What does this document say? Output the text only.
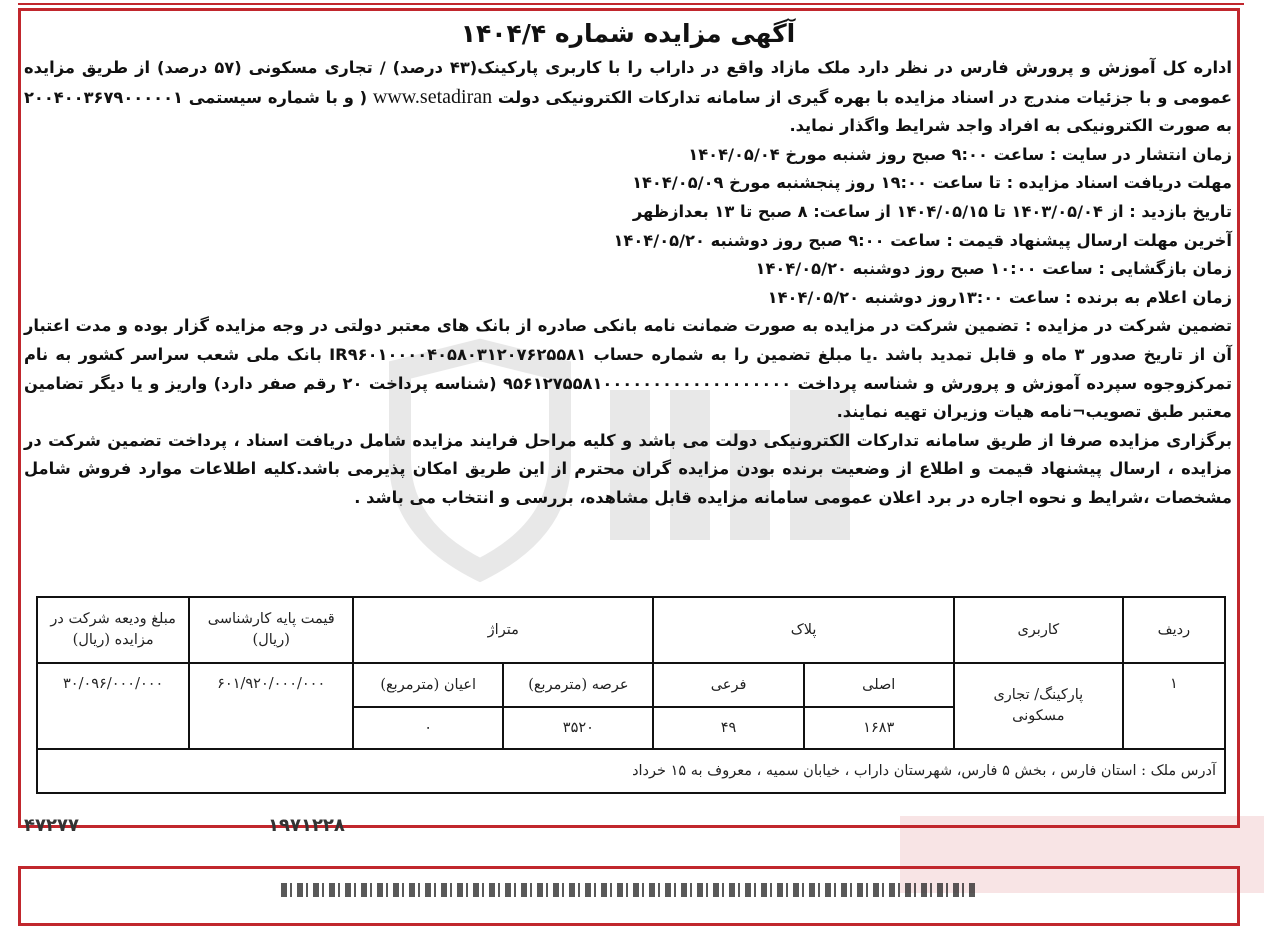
آگهی مزایده شماره ۱۴۰۴/۴

اداره کل آموزش و پرورش فارس در نظر دارد ملک مازاد واقع در داراب را با کاربری پارکینک(۴۳ درصد) / تجاری مسکونی (۵۷ درصد) از طریق مزایده عمومی و با جزئیات مندرج در اسناد مزایده با بهره گیری از سامانه تدارکات الکترونیکی دولت www.setadiran ( و با شماره سیستمی ۲۰۰۴۰۰۳۶۷۹۰۰۰۰۰۱ به صورت الکترونیکی به افراد واجد شرایط واگذار نماید.

زمان انتشار در سایت : ساعت ۹:۰۰ صبح روز شنبه مورخ ۱۴۰۴/۰۵/۰۴

مهلت دریافت اسناد مزایده : تا ساعت ۱۹:۰۰ روز پنجشنبه مورخ ۱۴۰۴/۰۵/۰۹

تاریخ بازدید : از ۱۴۰۳/۰۵/۰۴ تا ۱۴۰۴/۰۵/۱۵ از ساعت: ۸ صبح تا ۱۳ بعدازظهر

آخرین مهلت ارسال پیشنهاد قیمت : ساعت ۹:۰۰ صبح روز دوشنبه ۱۴۰۴/۰۵/۲۰

زمان بازگشایی : ساعت ۱۰:۰۰ صبح روز دوشنبه ۱۴۰۴/۰۵/۲۰

زمان اعلام به برنده : ساعت ۱۳:۰۰روز دوشنبه ۱۴۰۴/۰۵/۲۰

تضمین شرکت در مزایده : تضمین شرکت در مزایده به صورت ضمانت نامه بانکی صادره از بانک های معتبر دولتی در وجه مزایده گزار بوده و مدت اعتبار آن از تاریخ صدور ۳ ماه و قابل تمدید باشد .یا مبلغ تضمین را به شماره حساب IR۹۶۰۱۰۰۰۰۴۰۵۸۰۳۱۲۰۷۶۲۵۵۸۱ بانک ملی شعب سراسر کشور به نام تمرکزوجوه سپرده آموزش و پرورش و شناسه پرداخت ۹۵۶۱۲۷۵۵۸۱۰۰۰۰۰۰۰۰۰۰۰۰۰۰۰۰۰۰۰ (شناسه پرداخت ۲۰ رقم صفر دارد) واریز و یا دیگر تضامین معتبر طبق تصویب¬نامه هیات وزیران تهیه نمایند.

برگزاری مزایده صرفا از طریق سامانه تدارکات الکترونیکی دولت می باشد و کلیه مراحل فرایند مزایده شامل دریافت اسناد ، پرداخت تضمین شرکت در مزایده ، ارسال پیشنهاد قیمت و اطلاع از وضعیت برنده بودن مزایده گران محترم از این طریق امکان پذیرمی باشد.کلیه اطلاعات موارد فروش شامل مشخصات ،شرایط و نحوه اجاره در برد اعلان عمومی سامانه مزایده قابل مشاهده، بررسی و انتخاب می باشد .

ردیف	کاربری	پلاک		متراژ		قیمت پایه کارشناسی (ریال)	مبلغ ودیعه شرکت در مزایده (ریال)
۱	پارکینگ/ تجاری مسکونی	اصلی	فرعی	عرصه (مترمربع)	اعیان (مترمربع)	۶۰۱/۹۲۰/۰۰۰/۰۰۰	۳۰/۰۹۶/۰۰۰/۰۰۰
		۱۶۸۳	۴۹	۳۵۲۰	۰		
آدرس ملک : استان فارس ، بخش ۵ فارس، شهرستان داراب ، خیابان سمیه ، معروف به ۱۵ خرداد							
۴۷۲۷۷	۱۹۷۱۲۲۸
